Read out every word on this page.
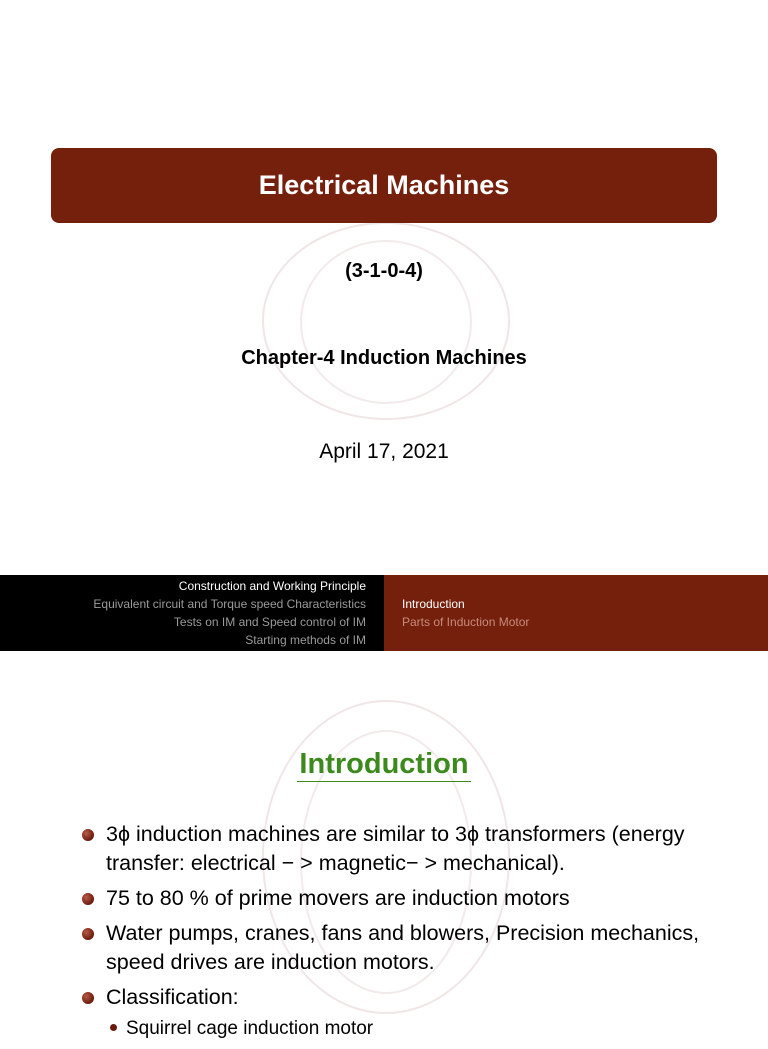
Electrical Machines
(3-1-0-4)
Chapter-4 Induction Machines
April 17, 2021
Construction and Working Principle
Equivalent circuit and Torque speed Characteristics
Tests on IM and Speed control of IM
Starting methods of IM
Introduction
Parts of Induction Motor
Introduction
3ϕ induction machines are similar to 3ϕ transformers (energy transfer: electrical − > magnetic− > mechanical).
75 to 80 % of prime movers are induction motors
Water pumps, cranes, fans and blowers, Precision mechanics, speed drives are induction motors.
Classification:
Squirrel cage induction motor
